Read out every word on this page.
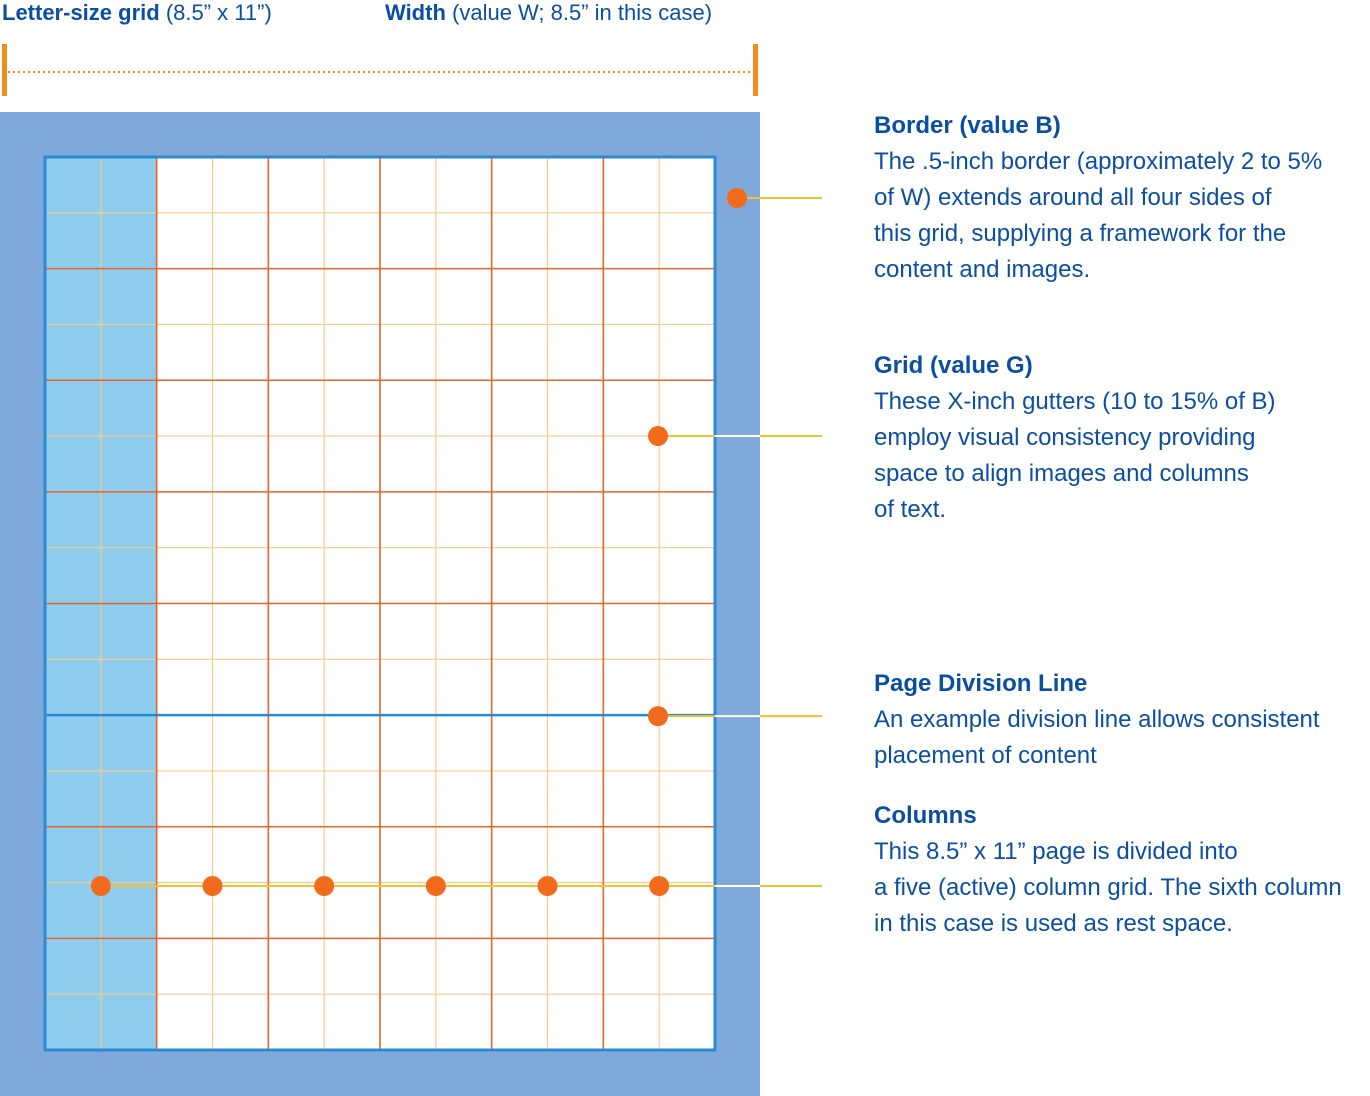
Letter-size grid (8.5” x 11”)	Width (value W; 8.5” in this case)
Border (value B)
The .5-inch border (approximately 2 to 5%
of W) extends around all four sides of
this grid, supplying a framework for the
content and images.
Grid (value G)
These X-inch gutters (10 to 15% of B)
employ visual consistency providing
space to align images and columns
of text.
Page Division Line
An example division line allows consistent
placement of content
Columns
This 8.5” x 11” page is divided into
a five (active) column grid. The sixth column
in this case is used as rest space.
